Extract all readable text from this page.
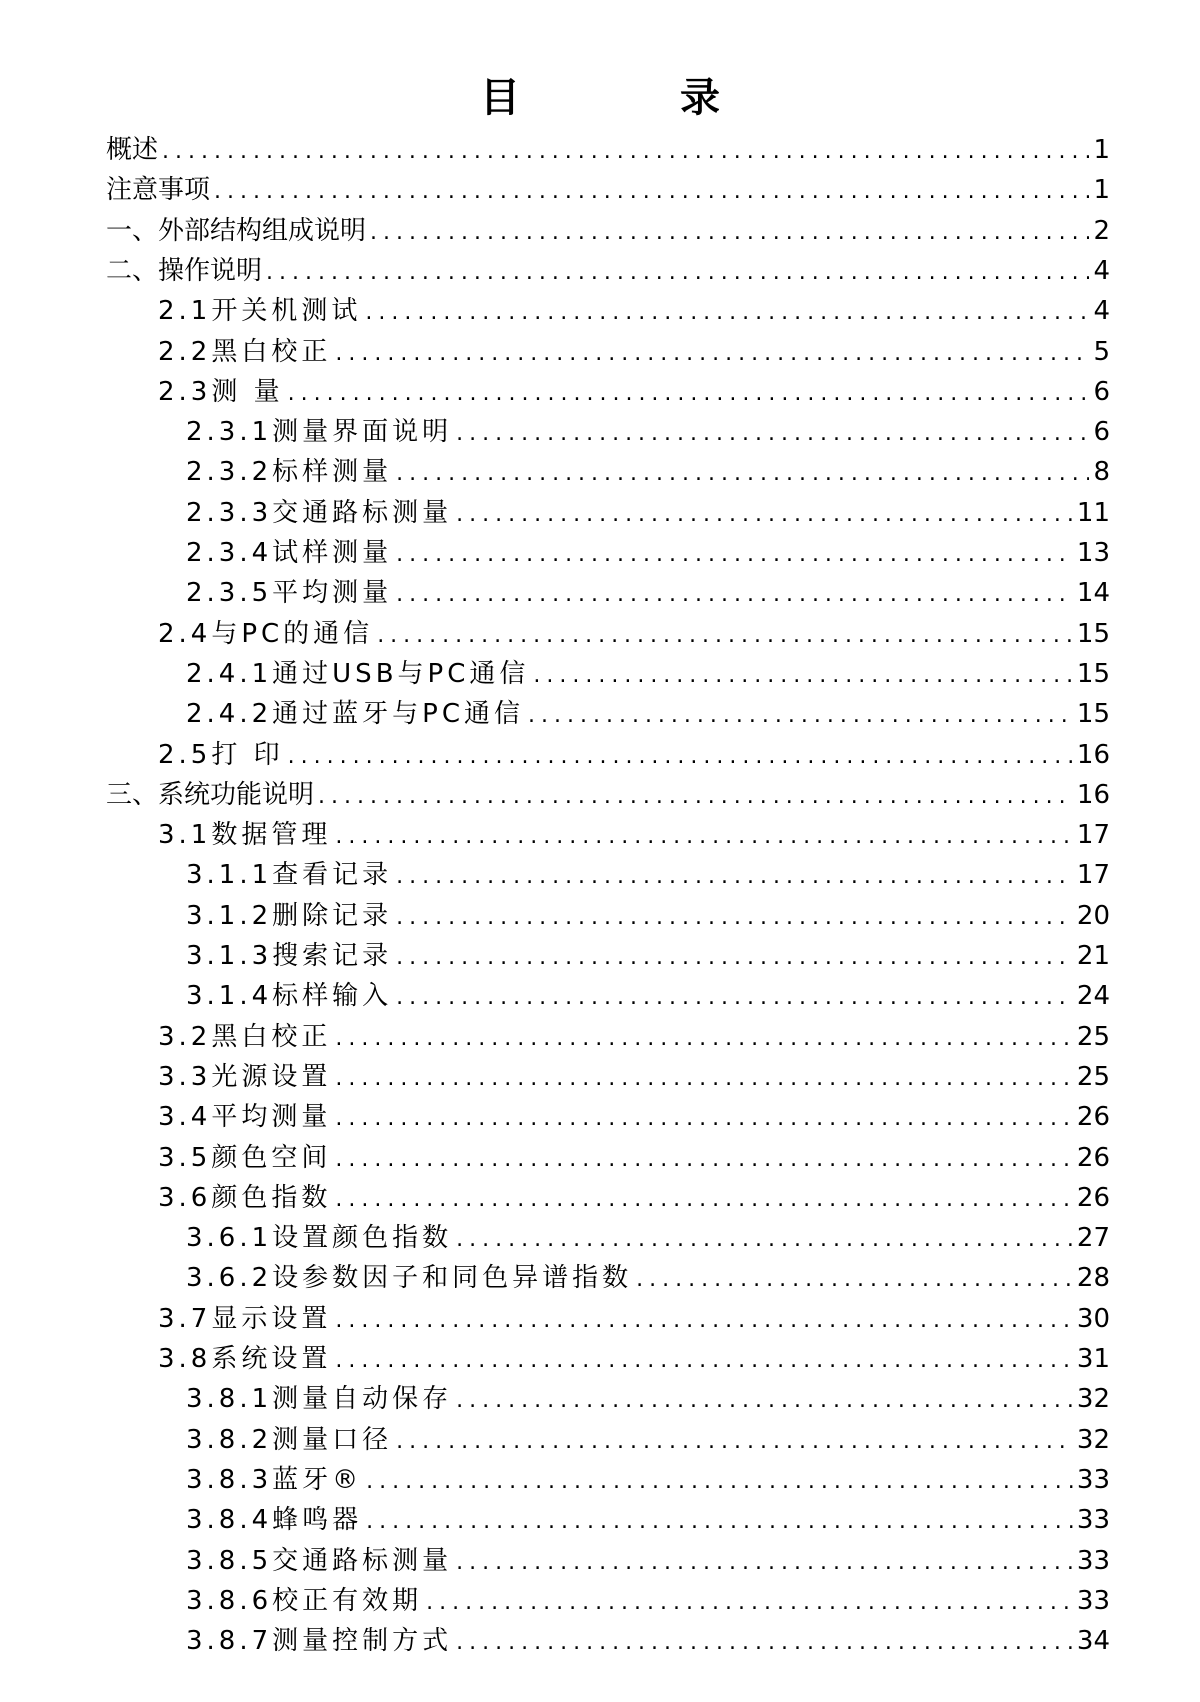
目　录
概述 .....	1
注意事项 .....	1
一、外部结构组成说明 .....	2
二、操作说明 .....	4
2.1开关机测试 .....	4
2.2黑白校正 .....	5
2.3测 量 .....	6
2.3.1测量界面说明 .....	6
2.3.2标样测量 .....	8
2.3.3交通路标测量 .....	11
2.3.4试样测量 .....	13
2.3.5平均测量 .....	14
2.4与PC的通信 .....	15
2.4.1通过USB与PC通信 .....	15
2.4.2通过蓝牙与PC通信 .....	15
2.5打 印 .....	16
三、系统功能说明 .....	16
3.1数据管理 .....	17
3.1.1查看记录 .....	17
3.1.2删除记录 .....	20
3.1.3搜索记录 .....	21
3.1.4标样输入 .....	24
3.2黑白校正 .....	25
3.3光源设置 .....	25
3.4平均测量 .....	26
3.5颜色空间 .....	26
3.6颜色指数 .....	26
3.6.1设置颜色指数 .....	27
3.6.2设参数因子和同色异谱指数 .....	28
3.7显示设置 .....	30
3.8系统设置 .....	31
3.8.1测量自动保存 .....	32
3.8.2测量口径 .....	32
3.8.3蓝牙® .....	33
3.8.4蜂鸣器 .....	33
3.8.5交通路标测量 .....	33
3.8.6校正有效期 .....	33
3.8.7测量控制方式 .....	34
